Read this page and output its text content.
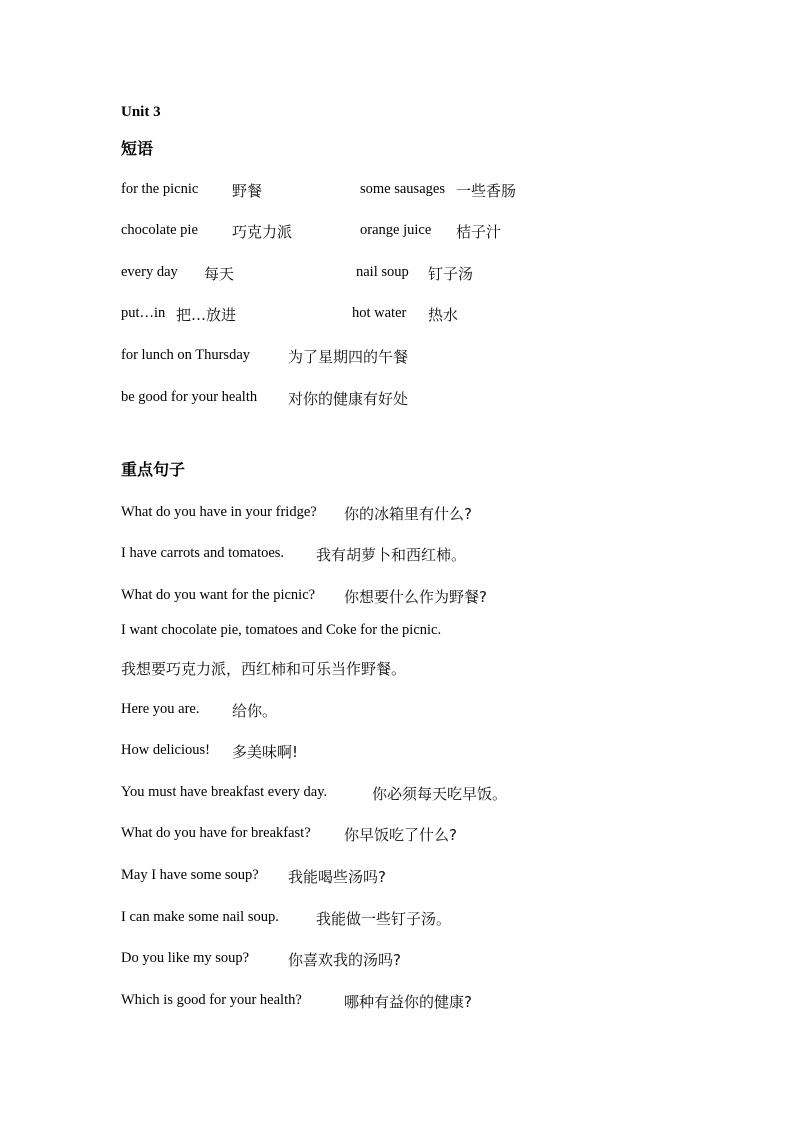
Unit 3
短语
for the picnic 野餐	some sausages 一些香肠
chocolate pie 巧克力派	orange juice 桔子汁
every day 每天	nail soup 钉子汤
put…in 把…放进	hot water 热水
for lunch on Thursday	为了星期四的午餐
be good for your health 对你的健康有好处
重点句子
What do you have in your fridge? 你的冰箱里有什么?
I have carrots and tomatoes. 我有胡萝卜和西红柿。
What do you want for the picnic? 你想要什么作为野餐?
I want chocolate pie, tomatoes and Coke for the picnic.
我想要巧克力派，西红柿和可乐当作野餐。
Here you are. 给你。
How delicious! 多美味啊!
You must have breakfast every day.	你必须每天吃早饭。
What do you have for breakfast? 你早饭吃了什么?
May I have some soup? 我能喝些汤吗?
I can make some nail soup. 我能做一些钉子汤。
Do you like my soup?	你喜欢我的汤吗?
Which is good for your health?	哪种有益你的健康?
